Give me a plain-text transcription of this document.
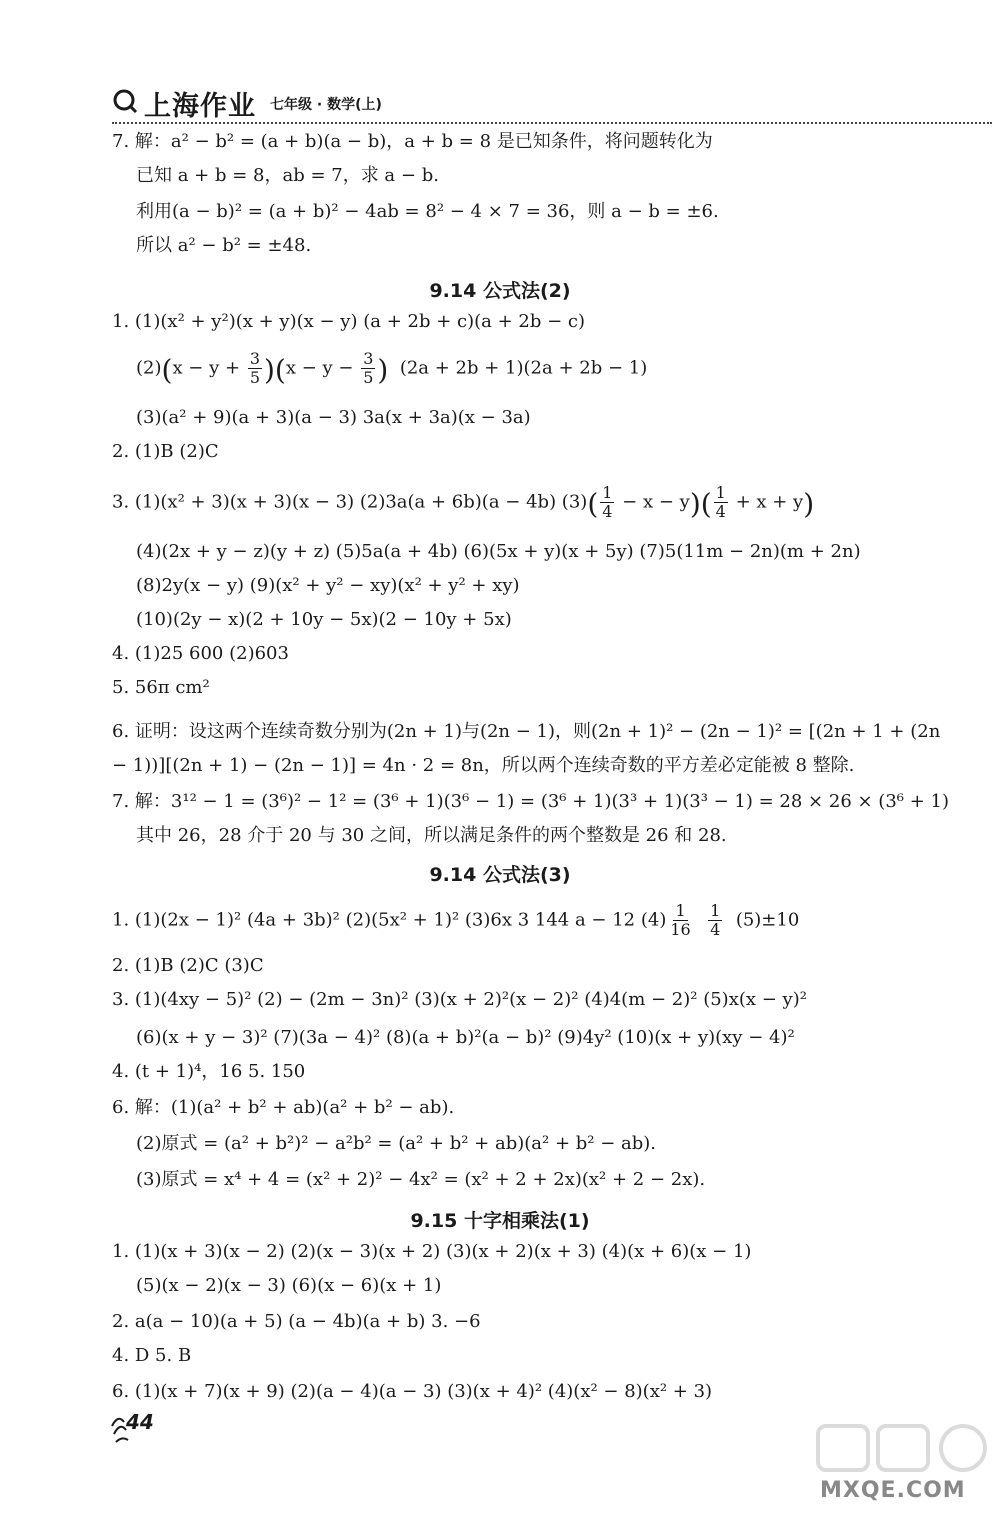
上海作业 七年级 · 数学(上)
7. 解：a² − b² = (a + b)(a − b)，a + b = 8 是已知条件，将问题转化为
已知 a + b = 8，ab = 7，求 a − b.
利用(a − b)² = (a + b)² − 4ab = 8² − 4 × 7 = 36，则 a − b = ±6.
所以 a² − b² = ±48.
9.14 公式法(2)
1. (1)(x² + y²)(x + y)(x − y) (a + 2b + c)(a + 2b − c)
$(2)(x - y + \frac{3}{5} )(x - y - \frac{3}{5}$ ) (2a + 2b + 1)(2a + 2b − 1)
(3)(a² + 9)(a + 3)(a − 3) 3a(x + 3a)(x − 3a)
2. (1)B (2)C
3. (1)(x² + 3)(x + 3)(x − 3) (2)3a(a + 6b)(a − 4b) $(3)( \frac{1}{4} - x - y)( \frac{1}{4} + x + y)$
(4)(2x + y − z)(y + z) (5)5a(a + 4b) (6)(5x + y)(x + 5y) (7)5(11m − 2n)(m + 2n)
(8)2y(x − y) (9)(x² + y² − xy)(x² + y² + xy)
(10)(2y − x)(2 + 10y − 5x)(2 − 10y + 5x)
4. (1)25 600 (2)603
5. 56π cm²
6. 证明：设这两个连续奇数分别为(2n + 1)与(2n − 1)，则(2n + 1)² − (2n − 1)² = [(2n + 1 + (2n
− 1))][(2n + 1) − (2n − 1)] = 4n · 2 = 8n，所以两个连续奇数的平方差必定能被 8 整除.
7. 解：3¹² − 1 = (3⁶)² − 1² = (3⁶ + 1)(3⁶ − 1) = (3⁶ + 1)(3³ + 1)(3³ − 1) = 28 × 26 × (3⁶ + 1)
其中 26，28 介于 20 与 30 之间，所以满足条件的两个整数是 26 和 28.
9.14 公式法(3)
1. (1)(2x − 1)² (4a + 3b)² (2)(5x² + 1)² (3)6x 3 144 a − 12 $(4) \frac{1}{16}$
$\frac{1}{4} (5)\pm 10$
2. (1)B (2)C (3)C
3. (1)(4xy − 5)² (2) − (2m − 3n)² (3)(x + 2)²(x − 2)² (4)4(m − 2)² (5)x(x − y)²
(6)(x + y − 3)² (7)(3a − 4)² (8)(a + b)²(a − b)² (9)4y² (10)(x + y)(xy − 4)²
4. (t + 1)⁴，16 5. 150
6. 解：(1)(a² + b² + ab)(a² + b² − ab).
(2)原式 = (a² + b²)² − a²b² = (a² + b² + ab)(a² + b² − ab).
(3)原式 = x⁴ + 4 = (x² + 2)² − 4x² = (x² + 2 + 2x)(x² + 2 − 2x).
9.15 十字相乘法(1)
1. (1)(x + 3)(x − 2) (2)(x − 3)(x + 2) (3)(x + 2)(x + 3) (4)(x + 6)(x − 1)
(5)(x − 2)(x − 3) (6)(x − 6)(x + 1)
2. a(a − 10)(a + 5) (a − 4b)(a + b) 3. −6
4. D 5. B
6. (1)(x + 7)(x + 9) (2)(a − 4)(a − 3) (3)(x + 4)² (4)(x² − 8)(x² + 3)
44
MXQE.COM
